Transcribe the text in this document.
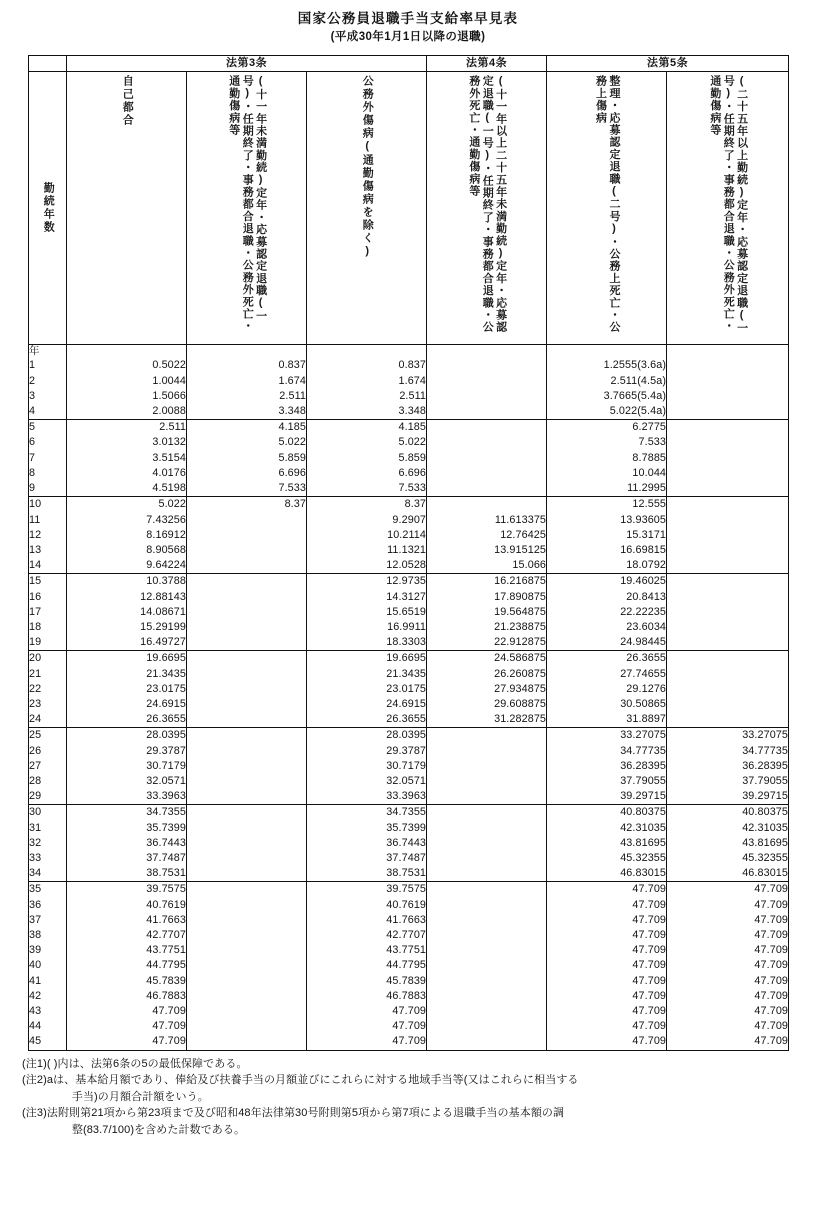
国家公務員退職手当支給率早見表
(平成30年1月1日以降の退職)
	法第3条			法第4条	法第5条	

勤続年数	自己都合	(十一年未満勤続)定年・応募認定退職(一号)・任期終了・事務都合退職・公務外死亡・通勤傷病等	公務外傷病(通勤傷病を除く)	(十一年以上二十五年未満勤続)定年・応募認定退職(一号)・任期終了・事務都合退職・公務外死亡・通勤傷病等	整理・応募認定退職(二号)・公務上死亡・公務上傷病	(二十五年以上勤続)定年・応募認定退職(一号)・任期終了・事務都合退職・公務外死亡・通勤傷病等

年						
1	0.5022	0.837	0.837		1.2555(3.6a)	
2	1.0044	1.674	1.674		2.511(4.5a)	
3	1.5066	2.511	2.511		3.7665(5.4a)	
4	2.0088	3.348	3.348		5.022(5.4a)	
5	2.511	4.185	4.185		6.2775	
6	3.0132	5.022	5.022		7.533	
7	3.5154	5.859	5.859		8.7885	
8	4.0176	6.696	6.696		10.044	
9	4.5198	7.533	7.533		11.2995	
10	5.022	8.37	8.37		12.555	
11	7.43256		9.2907	11.613375	13.93605	
12	8.16912		10.2114	12.76425	15.3171	
13	8.90568		11.1321	13.915125	16.69815	
14	9.64224		12.0528	15.066	18.0792	
15	10.3788		12.9735	16.216875	19.46025	
16	12.88143		14.3127	17.890875	20.8413	
17	14.08671		15.6519	19.564875	22.22235	
18	15.29199		16.9911	21.238875	23.6034	
19	16.49727		18.3303	22.912875	24.98445	
20	19.6695		19.6695	24.586875	26.3655	
21	21.3435		21.3435	26.260875	27.74655	
22	23.0175		23.0175	27.934875	29.1276	
23	24.6915		24.6915	29.608875	30.50865	
24	26.3655		26.3655	31.282875	31.8897	
25	28.0395		28.0395		33.27075	33.27075
26	29.3787		29.3787		34.77735	34.77735
27	30.7179		30.7179		36.28395	36.28395
28	32.0571		32.0571		37.79055	37.79055
29	33.3963		33.3963		39.29715	39.29715
30	34.7355		34.7355		40.80375	40.80375
31	35.7399		35.7399		42.31035	42.31035
32	36.7443		36.7443		43.81695	43.81695
33	37.7487		37.7487		45.32355	45.32355
34	38.7531		38.7531		46.83015	46.83015
35	39.7575		39.7575		47.709	47.709
36	40.7619		40.7619		47.709	47.709
37	41.7663		41.7663		47.709	47.709
38	42.7707		42.7707		47.709	47.709
39	43.7751		43.7751		47.709	47.709
40	44.7795		44.7795		47.709	47.709
41	45.7839		45.7839		47.709	47.709
42	46.7883		46.7883		47.709	47.709
43	47.709		47.709		47.709	47.709
44	47.709		47.709		47.709	47.709
45	47.709		47.709		47.709	47.709
(注1) ( )内は、法第6条の5の最低保障である。
(注2) aは、基本給月額であり、俸給及び扶養手当の月額並びにこれらに対する地域手当等(又はこれらに相当する
手当)の月額合計額をいう。
(注3) 法附則第21項から第23項まで及び昭和48年法律第30号附則第5項から第7項による退職手当の基本額の調
整(83.7/100)を含めた計数である。
